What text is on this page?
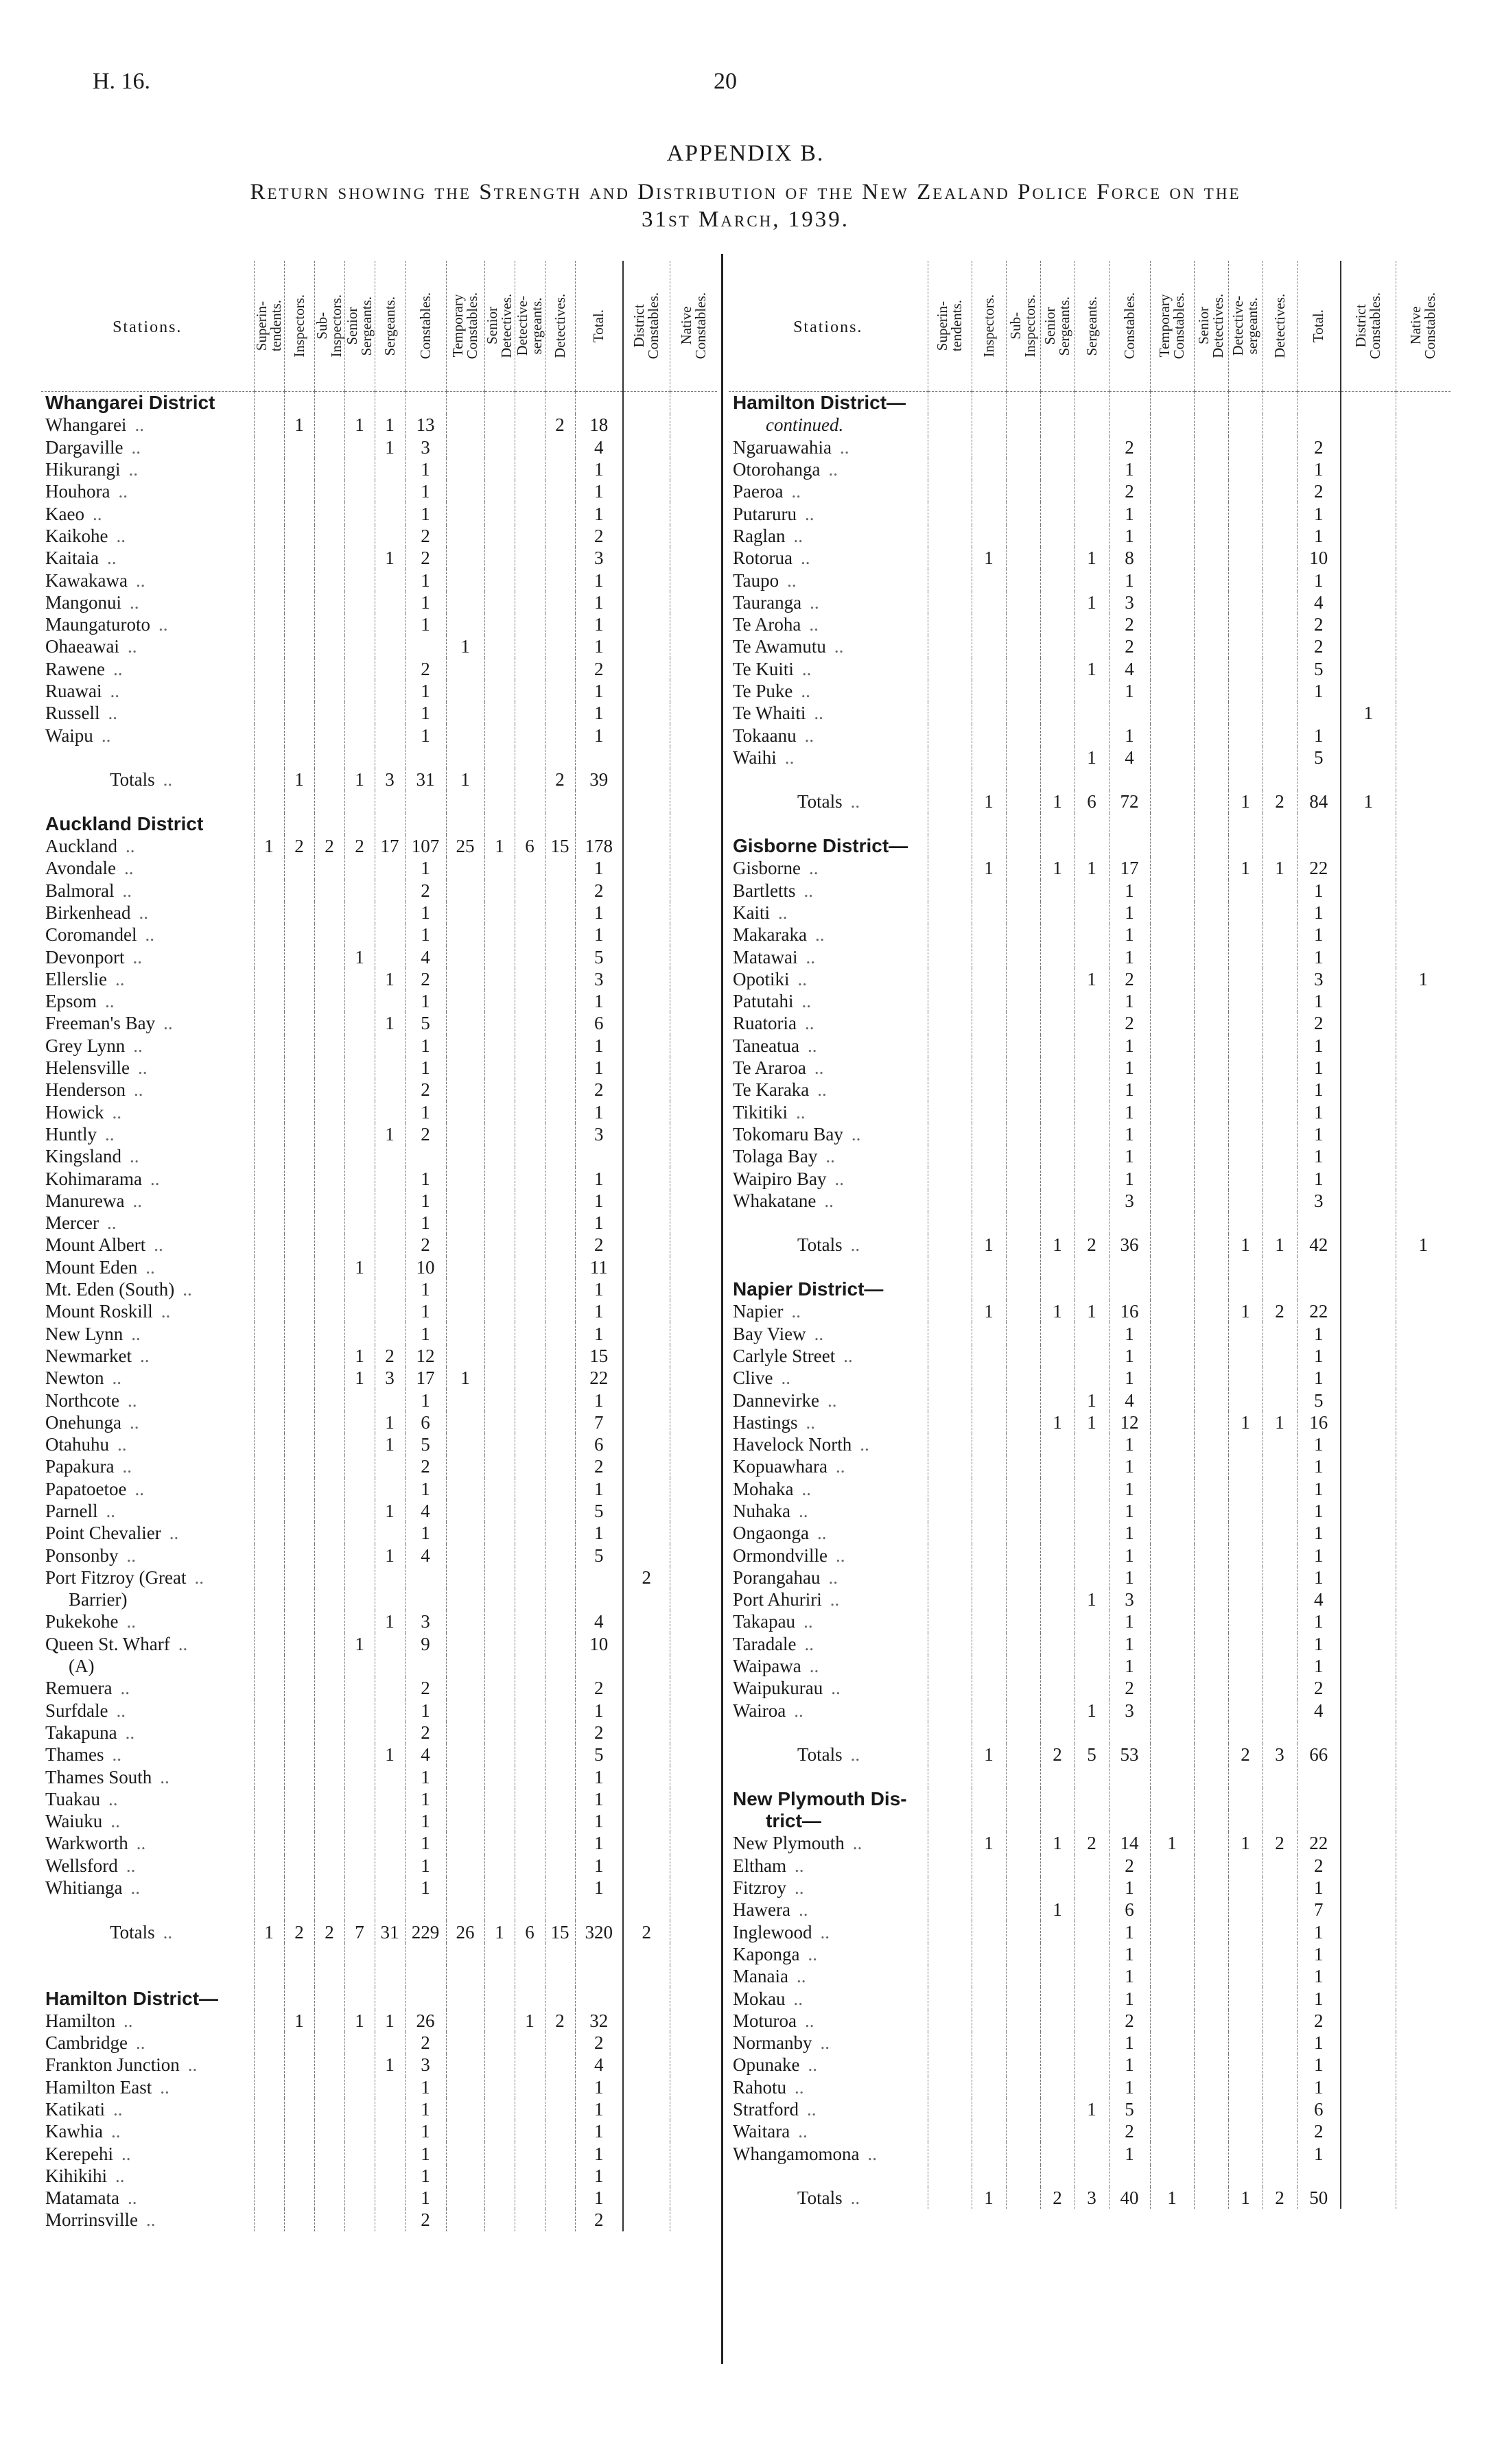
H. 16.	20
APPENDIX B.
Return showing the Strength and Distribution of the New Zealand Police Force on the
31st March, 1939.
Stations.	Superin-
tendents.	Inspectors.	Sub-
Inspectors.	Senior
Sergeants.	Sergeants.	Constables.	Temporary
Constables.	Senior
Detectives.	Detective-
sergeants.	Detectives.	Total.	District
Constables.	Native
Constables.

Whangarei District													
Whangarei ..		1		1	1	13				2	18		
Dargaville ..					1	3					4		
Hikurangi ..						1					1		
Houhora ..						1					1		
Kaeo ..						1					1		
Kaikohe ..						2					2		
Kaitaia ..					1	2					3		
Kawakawa ..						1					1		
Mangonui ..						1					1		
Maungaturoto ..						1					1		
Ohaeawai ..							1				1		
Rawene ..						2					2		
Ruawai ..						1					1		
Russell ..						1					1		
Waipu ..						1					1		

Totals ..		1		1	3	31	1			2	39		

Auckland District													
Auckland ..	1	2	2	2	17	107	25	1	6	15	178		
Avondale ..						1					1		
Balmoral ..						2					2		
Birkenhead ..						1					1		
Coromandel ..						1					1		
Devonport ..				1		4					5		
Ellerslie ..					1	2					3		
Epsom ..						1					1		
Freeman's Bay ..					1	5					6		
Grey Lynn ..						1					1		
Helensville ..						1					1		
Henderson ..						2					2		
Howick ..						1					1		
Huntly ..					1	2					3		
Kingsland ..													
Kohimarama ..						1					1		
Manurewa ..						1					1		
Mercer ..						1					1		
Mount Albert ..						2					2		
Mount Eden ..				1		10					11		
Mt. Eden (South) ..						1					1		
Mount Roskill ..						1					1		
New Lynn ..						1					1		
Newmarket ..				1	2	12					15		
Newton ..				1	3	17	1				22		
Northcote ..						1					1		
Onehunga ..					1	6					7		
Otahuhu ..					1	5					6		
Papakura ..						2					2		
Papatoetoe ..						1					1		
Parnell ..					1	4					5		
Point Chevalier ..						1					1		
Ponsonby ..					1	4					5		
Port Fitzroy (Great ..												2	
Barrier)													
Pukekohe ..					1	3					4		
Queen St. Wharf ..				1		9					10		
(A)													
Remuera ..						2					2		
Surfdale ..						1					1		
Takapuna ..						2					2		
Thames ..					1	4					5		
Thames South ..						1					1		
Tuakau ..						1					1		
Waiuku ..						1					1		
Warkworth ..						1					1		
Wellsford ..						1					1		
Whitianga ..						1					1		

Totals ..	1	2	2	7	31	229	26	1	6	15	320	2	

Hamilton District—													
Hamilton ..		1		1	1	26			1	2	32		
Cambridge ..						2					2		
Frankton Junction ..					1	3					4		
Hamilton East ..						1					1		
Katikati ..						1					1		
Kawhia ..						1					1		
Kerepehi ..						1					1		
Kihikihi ..						1					1		
Matamata ..						1					1		
Morrinsville ..						2					2		
Stations.	Superin-
tendents.	Inspectors.	Sub-
Inspectors.	Senior
Sergeants.	Sergeants.	Constables.	Temporary
Constables.	Senior
Detectives.	Detective-
sergeants.	Detectives.	Total.	District
Constables.	Native
Constables.

Hamilton District—													
continued.													
Ngaruawahia ..						2					2		
Otorohanga ..						1					1		
Paeroa ..						2					2		
Putaruru ..						1					1		
Raglan ..						1					1		
Rotorua ..		1			1	8					10		
Taupo ..						1					1		
Tauranga ..					1	3					4		
Te Aroha ..						2					2		
Te Awamutu ..						2					2		
Te Kuiti ..					1	4					5		
Te Puke ..						1					1		
Te Whaiti ..												1	
Tokaanu ..						1					1		
Waihi ..					1	4					5		

Totals ..		1		1	6	72			1	2	84	1	

Gisborne District—													
Gisborne ..		1		1	1	17			1	1	22		
Bartletts ..						1					1		
Kaiti ..						1					1		
Makaraka ..						1					1		
Matawai ..						1					1		
Opotiki ..					1	2					3		1
Patutahi ..						1					1		
Ruatoria ..						2					2		
Taneatua ..						1					1		
Te Araroa ..						1					1		
Te Karaka ..						1					1		
Tikitiki ..						1					1		
Tokomaru Bay ..						1					1		
Tolaga Bay ..						1					1		
Waipiro Bay ..						1					1		
Whakatane ..						3					3		

Totals ..		1		1	2	36			1	1	42		1

Napier District—													
Napier ..		1		1	1	16			1	2	22		
Bay View ..						1					1		
Carlyle Street ..						1					1		
Clive ..						1					1		
Dannevirke ..					1	4					5		
Hastings ..				1	1	12			1	1	16		
Havelock North ..						1					1		
Kopuawhara ..						1					1		
Mohaka ..						1					1		
Nuhaka ..						1					1		
Ongaonga ..						1					1		
Ormondville ..						1					1		
Porangahau ..						1					1		
Port Ahuriri ..					1	3					4		
Takapau ..						1					1		
Taradale ..						1					1		
Waipawa ..						1					1		
Waipukurau ..						2					2		
Wairoa ..					1	3					4		

Totals ..		1		2	5	53			2	3	66		

New Plymouth Dis-													
trict—													
New Plymouth ..		1		1	2	14	1		1	2	22		
Eltham ..						2					2		
Fitzroy ..						1					1		
Hawera ..				1		6					7		
Inglewood ..						1					1		
Kaponga ..						1					1		
Manaia ..						1					1		
Mokau ..						1					1		
Moturoa ..						2					2		
Normanby ..						1					1		
Opunake ..						1					1		
Rahotu ..						1					1		
Stratford ..					1	5					6		
Waitara ..						2					2		
Whangamomona ..						1					1		

Totals ..		1		2	3	40	1		1	2	50		
